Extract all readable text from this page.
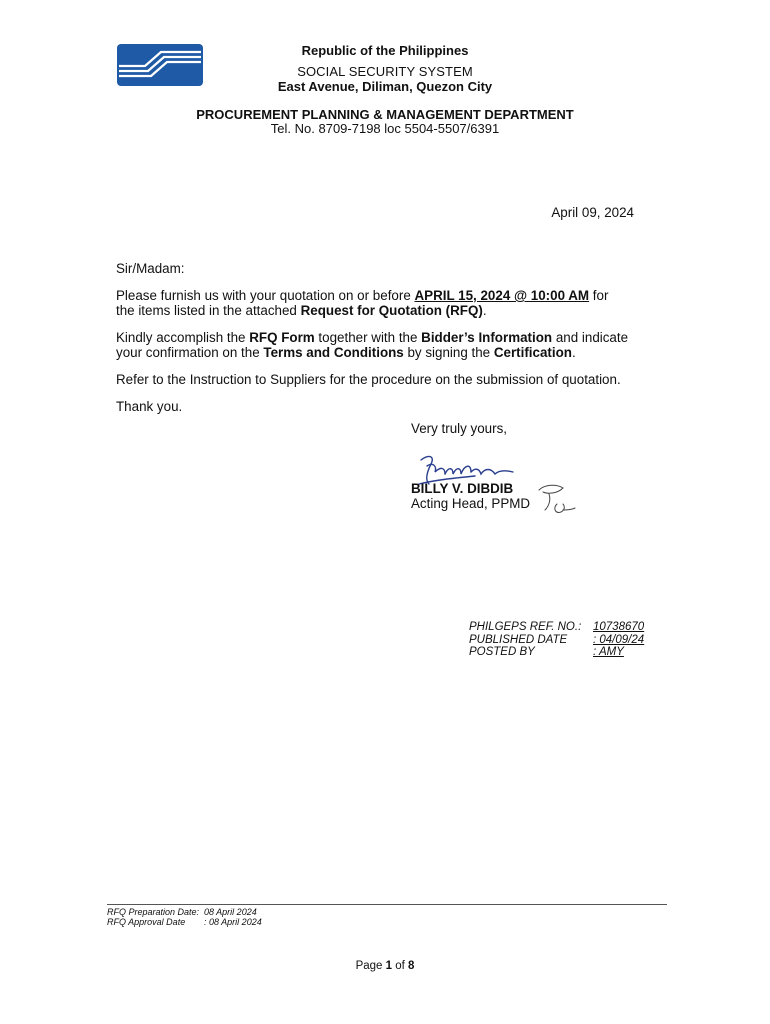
Republic of the Philippines
SOCIAL SECURITY SYSTEM
East Avenue, Diliman, Quezon City
PROCUREMENT PLANNING & MANAGEMENT DEPARTMENT
Tel. No. 8709-7198 loc 5504-5507/6391
April 09, 2024
Sir/Madam:
Please furnish us with your quotation on or before APRIL 15, 2024 @ 10:00 AM for
the items listed in the attached Request for Quotation (RFQ).
Kindly accomplish the RFQ Form together with the Bidder’s Information and indicate
your confirmation on the Terms and Conditions by signing the Certification.
Refer to the Instruction to Suppliers for the procedure on the submission of quotation.
Thank you.
Very truly yours,
BILLY V. DIBDIB
Acting Head, PPMD
PHILGEPS REF. NO.: 10738670
PUBLISHED DATE : 04/09/24
POSTED BY	: AMY
RFQ Preparation Date: 08 April 2024
RFQ Approval Date : 08 April 2024
Page 1 of 8
